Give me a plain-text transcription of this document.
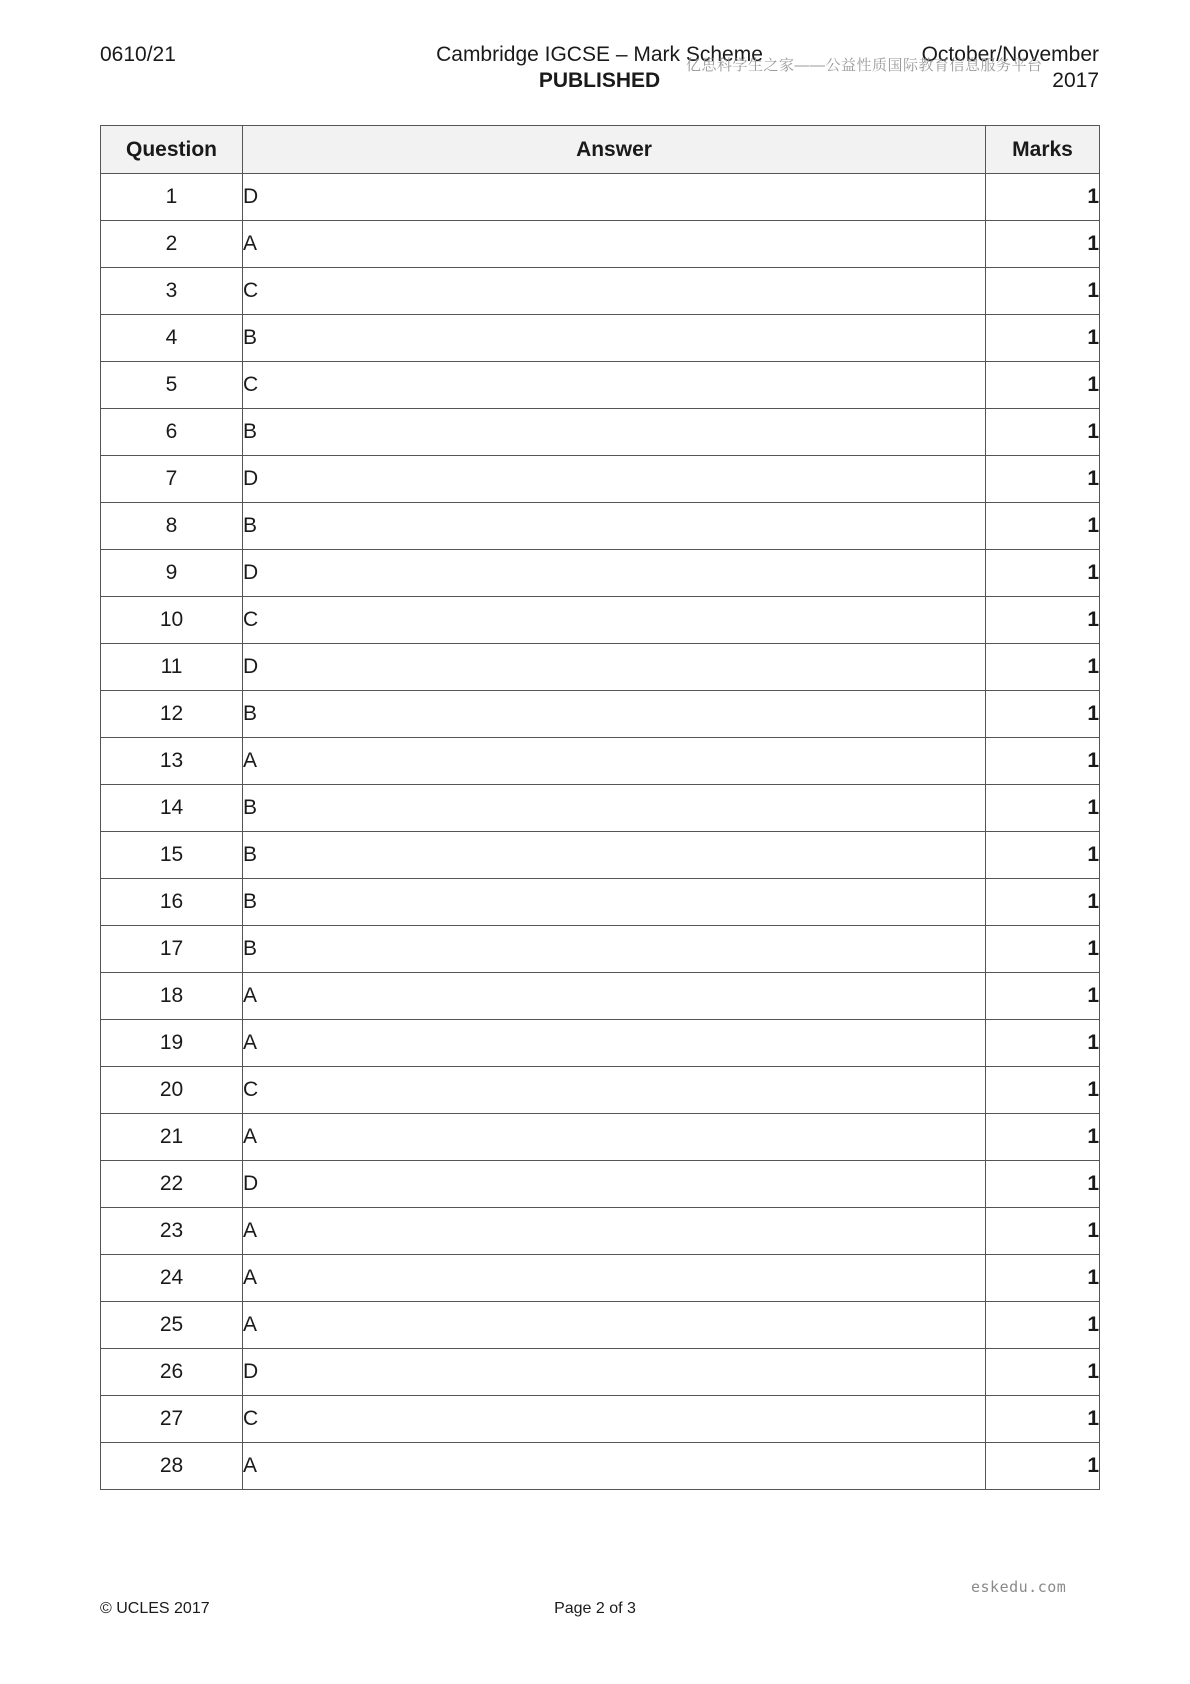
0610/21	Cambridge IGCSE – Mark Scheme
PUBLISHED
October/November
2017
亿思科学生之家——公益性质国际教育信息服务平台
Question	Answer	Marks
1	D	1
2	A	1
3	C	1
4	B	1
5	C	1
6	B	1
7	D	1
8	B	1
9	D	1
10	C	1
11	D	1
12	B	1
13	A	1
14	B	1
15	B	1
16	B	1
17	B	1
18	A	1
19	A	1
20	C	1
21	A	1
22	D	1
23	A	1
24	A	1
25	A	1
26	D	1
27	C	1
28	A	1
eskedu.com
© UCLES 2017	Page 2 of 3
